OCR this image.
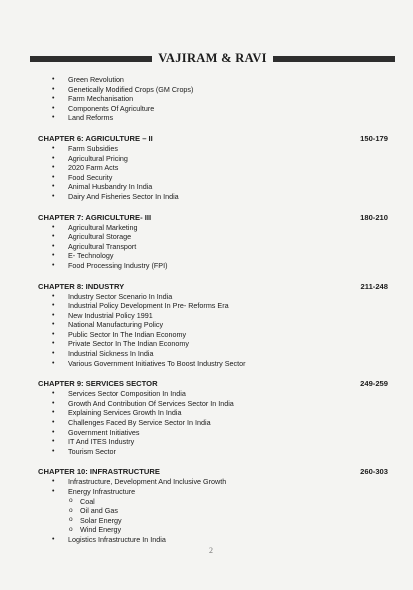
VAJIRAM & RAVI
• Green Revolution
• Genetically Modified Crops (GM Crops)
• Farm Mechanisation
• Components Of Agriculture
• Land Reforms
CHAPTER 6: AGRICULTURE – II	150-179
• Farm Subsidies
• Agricultural Pricing
• 2020 Farm Acts
• Food Security
• Animal Husbandry In India
• Dairy And Fisheries Sector In India
CHAPTER 7: AGRICULTURE- III	180-210
• Agricultural Marketing
• Agricultural Storage
• Agricultural Transport
• E- Technology
• Food Processing Industry (FPI)
CHAPTER 8: INDUSTRY	211-248
• Industry Sector Scenario In India
• Industrial Policy Development In Pre- Reforms Era
• New Industrial Policy 1991
• National Manufacturing Policy
• Public Sector In The Indian Economy
• Private Sector In The Indian Economy
• Industrial Sickness In India
• Various Government Initiatives To Boost Industry Sector
CHAPTER 9: SERVICES SECTOR	249-259
• Services Sector Composition In India
• Growth And Contribution Of Services Sector In India
• Explaining Services Growth In India
• Challenges Faced By Service Sector In India
• Government Initiatives
• IT And ITES Industry
• Tourism Sector
CHAPTER 10: INFRASTRUCTURE	260-303
• Infrastructure, Development And Inclusive Growth
• Energy Infrastructure
o Coal
o Oil and Gas
o Solar Energy
o Wind Energy
• Logistics Infrastructure In India
2
